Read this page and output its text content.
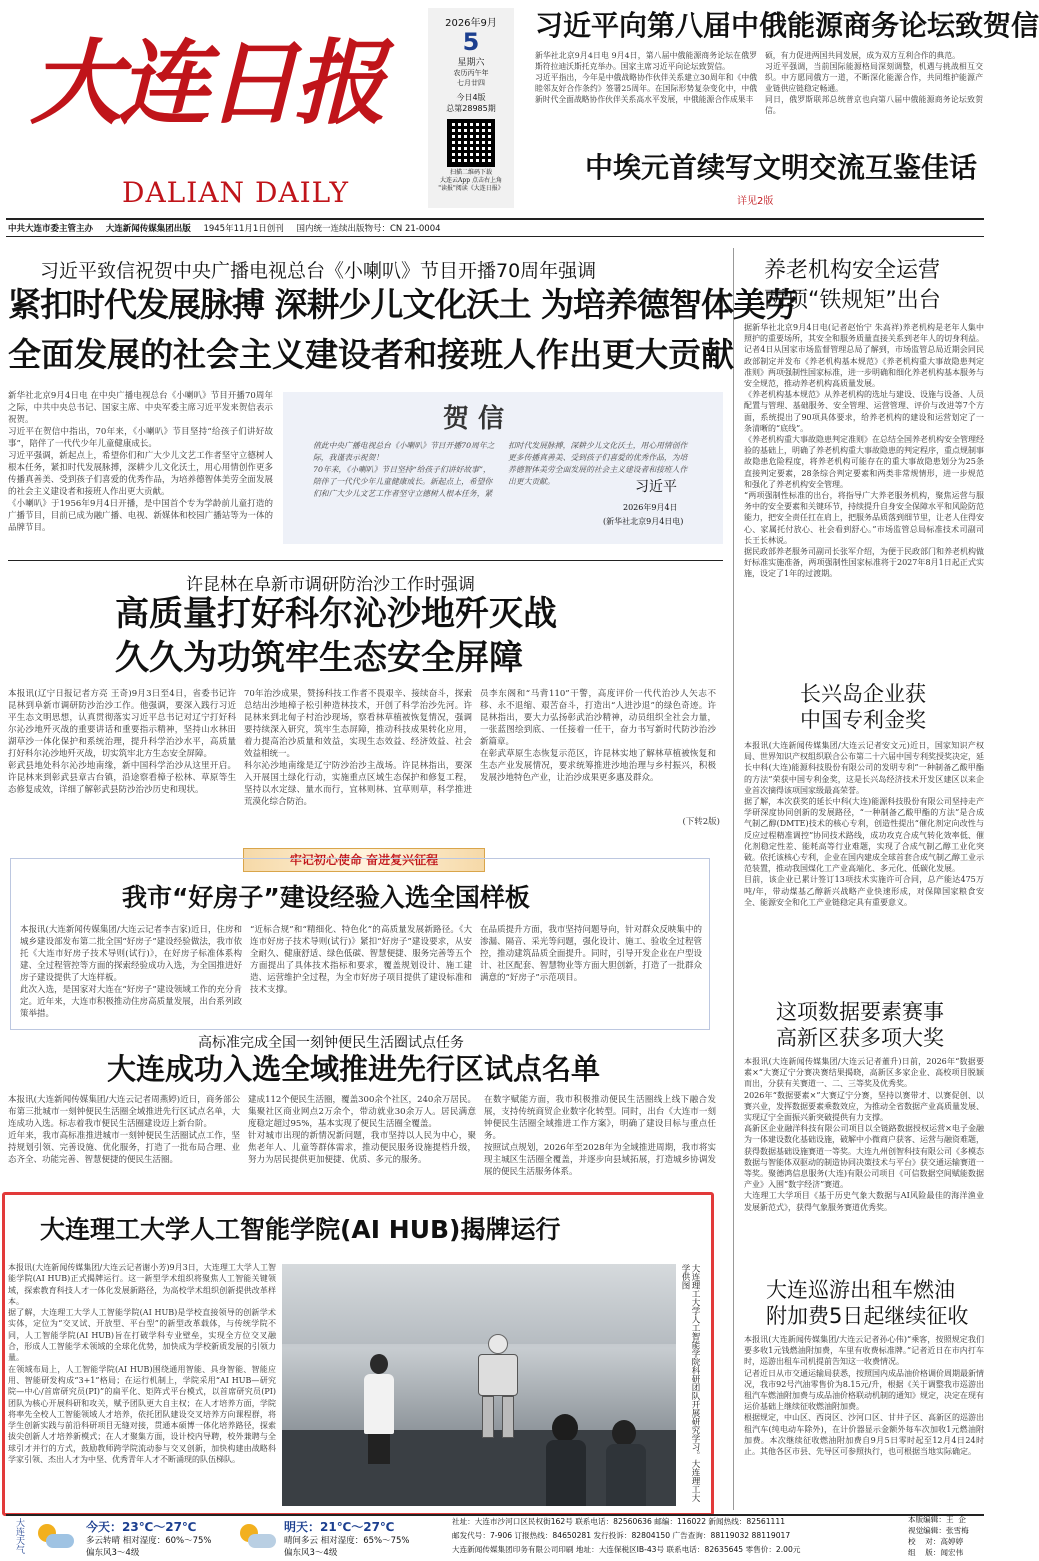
大连日报
DALIAN DAILY
2026年9月
5
星期六
农历丙午年
七月廿四
今日4版
总第28985期
扫描二维码下载
大连云App 点击右上角
"读报"阅读《大连日报》
习近平向第八届中俄能源商务论坛致贺信
新华社北京9月4日电 9月4日，第八届中俄能源商务论坛在俄罗斯符拉迪沃斯托克举办。国家主席习近平向论坛致贺信。
习近平指出，今年是中俄战略协作伙伴关系建立30周年和《中俄睦邻友好合作条约》签署25周年。在国际形势复杂变化中，中俄新时代全面战略协作伙伴关系高水平发展，中俄能源合作成果丰
硕，有力促进两国共同发展，成为双方互利合作的典范。
习近平强调，当前国际能源格局深刻调整，机遇与挑战相互交织。中方愿同俄方一道，不断深化能源合作，共同维护能源产业链供应链稳定畅通。
同日，俄罗斯联邦总统普京也向第八届中俄能源商务论坛致贺信。
中埃元首续写文明交流互鉴佳话
详见2版
中共大连市委主管主办 大连新闻传媒集团出版 1945年11月1日创刊 国内统一连续出版物号：CN 21-0004
习近平致信祝贺中央广播电视总台《小喇叭》节目开播70周年强调
紧扣时代发展脉搏 深耕少儿文化沃土 为培养德智体美劳
全面发展的社会主义建设者和接班人作出更大贡献
新华社北京9月4日电 在中央广播电视总台《小喇叭》节目开播70周年之际，中共中央总书记、国家主席、中央军委主席习近平发来贺信表示祝贺。
习近平在贺信中指出，70年来，《小喇叭》节目坚持“给孩子们讲好故事”，陪伴了一代代少年儿童健康成长。
习近平强调，新起点上，希望你们和广大少儿文艺工作者坚守立德树人根本任务，紧扣时代发展脉搏，深耕少儿文化沃土，用心用情创作更多传播真善美、受到孩子们喜爱的优秀作品，为培养德智体美劳全面发展的社会主义建设者和接班人作出更大贡献。
《小喇叭》于1956年9月4日开播，是中国首个专为学龄前儿童打造的广播节目，目前已成为融广播、电视、新媒体和校园广播站等为一体的品牌节目。
贺 信
值此中央广播电视总台《小喇叭》节目开播70周年之际，我谨表示祝贺！
70年来，《小喇叭》节目坚持“给孩子们讲好故事”，陪伴了一代代少年儿童健康成长。新起点上，希望你们和广大少儿文艺工作者坚守立德树人根本任务，紧扣时代发展脉搏，深耕少儿文化沃土，用心用情创作更多传播真善美、受到孩子们喜爱的优秀作品，为培养德智体美劳全面发展的社会主义建设者和接班人作出更大贡献。	习近平
2026年9月4日
(新华社北京9月4日电)
许昆林在阜新市调研防治沙工作时强调
高质量打好科尔沁沙地歼灭战
久久为功筑牢生态安全屏障
本报讯(辽宁日报记者方亮 王奇)9月3日至4日，省委书记许昆林到阜新市调研防沙治沙工作。他强调，要深入践行习近平生态文明思想，认真贯彻落实习近平总书记对辽宁打好科尔沁沙地歼灭战的重要讲话和重要指示精神，坚持山水林田湖草沙一体化保护和系统治理，提升科学治沙水平，高质量打好科尔沁沙地歼灭战，切实筑牢北方生态安全屏障。
彰武县地处科尔沁沙地南缘，新中国科学治沙从这里开启。许昆林来到彰武县章古台镇，沿途察看樟子松林、草原等生态修复成效，详细了解彰武县防沙治沙历史和现状。
70年治沙成果，赞扬科技工作者不畏艰辛、接续奋斗，探索总结出沙地樟子松引种造林技术，开创了科学治沙先河。许昆林来到北甸子村治沙现场，察看林草植被恢复情况，强调要持续深入研究，筑牢生态屏障，推动科技成果转化应用，着力提高治沙质量和效益，实现生态效益、经济效益、社会效益相统一。
科尔沁沙地南缘是辽宁防沙治沙主战场。许昆林指出，要深入开展国土绿化行动，实施重点区域生态保护和修复工程，坚持以水定绿、量水而行，宜林则林、宜草则草，科学推进荒漠化综合防治。
员李东阁和“马背110”干警，高度评价一代代治沙人矢志不移、永不退缩、艰苦奋斗，打造出“人进沙退”的绿色奇迹。许昆林指出，要大力弘扬彰武治沙精神，动员组织全社会力量，一张蓝图绘到底、一任接着一任干，奋力书写新时代防沙治沙新篇章。
在彰武草原生态恢复示范区，许昆林实地了解林草植被恢复和生态产业发展情况，要求统筹推进沙地治理与乡村振兴，积极发展沙地特色产业，让治沙成果更多惠及群众。
(下转2版)
牢记初心使命 奋进复兴征程
我市“好房子”建设经验入选全国样板
本报讯(大连新闻传媒集团/大连云记者李吉家)近日，住房和城乡建设部发布第二批全国“好房子”建设经验做法，我市依托《大连市好房子技术导则(试行)》，在好房子标准体系构建、全过程管控等方面的探索经验成功入选，为全国推进好房子建设提供了大连样板。
此次入选，是国家对大连在“好房子”建设领域工作的充分肯定。近年来，大连市积极推动住房高质量发展，出台系列政策举措。
“近标合规”和“精细化、特色化”的高质量发展新路径。《大连市好房子技术导则(试行)》紧扣“好房子”建设要求，从安全耐久、健康舒适、绿色低碳、智慧便捷、服务完善等五个方面提出了具体技术指标和要求，覆盖规划设计、施工建造、运营维护全过程，为全市好房子项目提供了建设标准和技术支撑。
在品质提升方面，我市坚持问题导向，针对群众反映集中的渗漏、隔音、采光等问题，强化设计、施工、验收全过程管控，推动建筑品质全面提升。同时，引导开发企业在户型设计、社区配套、智慧物业等方面大胆创新，打造了一批群众满意的“好房子”示范项目。
高标准完成全国一刻钟便民生活圈试点任务
大连成功入选全域推进先行区试点名单
本报讯(大连新闻传媒集团/大连云记者周燕婷)近日，商务部公布第三批城市一刻钟便民生活圈全域推进先行区试点名单，大连成功入选。标志着我市便民生活圈建设迈上新台阶。
近年来，我市高标准推进城市一刻钟便民生活圈试点工作，坚持规划引领、完善设施、优化服务，打造了一批布局合理、业态齐全、功能完善、智慧便捷的便民生活圈。
建成112个便民生活圈，覆盖300余个社区，240余万居民。集聚社区商业网点2万余个，带动就业30余万人。居民满意度稳定超过95%，基本实现了便民生活圈全覆盖。
针对城市出现的新情况新问题，我市坚持以人民为中心，聚焦老年人、儿童等群体需求，推动便民服务设施提档升级，努力为居民提供更加便捷、优质、多元的服务。
在数字赋能方面，我市积极推动便民生活圈线上线下融合发展，支持传统商贸企业数字化转型。同时，出台《大连市一刻钟便民生活圈全域推进工作方案》，明确了建设目标与重点任务。
按照试点规划，2026年至2028年为全域推进周期，我市将实现主城区生活圈全覆盖，并逐步向县域拓展，打造城乡协调发展的便民生活服务体系。
大连理工大学人工智能学院(AI HUB)揭牌运行
本报讯(大连新闻传媒集团/大连云记者谢小芳)9月3日，大连理工大学人工智能学院(AI HUB)正式揭牌运行。这一新型学术组织将聚焦人工智能关键领域，探索教育科技人才一体化发展新路径，为高校学术组织创新提供改革样本。
据了解，大连理工大学人工智能学院(AI HUB)是学校直接领导的创新学术实体，定位为“交叉试、开放型、平台型”的新型改革载体，与传统学院不同，人工智能学院(AI HUB)旨在打破学科专业壁垒，实现全方位交叉融合，形成人工智能学术领域的全球化优势，加快成为学校新质发展的引领力量。
在领域布局上，人工智能学院(AI HUB)围绕通用智能、具身智能、智能应用、智能研发构成“3+1”格局；在运行机制上，学院采用“AI HUB—研究院—中心/首席研究员(PI)”的扁平化、矩阵式平台模式，以首席研究员(PI)团队为核心开展科研和攻关，赋予团队更大自主权；在人才培养方面，学院将率先全校人工智能领域人才培养，依托团队建设交叉培养方向课程群，将学生创新实践与前沿科研项目无缝对接，贯通本硕博一体化培养路径，探索拔尖创新人才培养新模式；在人才聚集方面，设计校内导聘，校外兼聘与全球引才并行的方式，鼓励教师跨学院流动参与交叉创新，加快构建由战略科学家引领、杰出人才为中坚、优秀青年人才不断涌现的队伍梯队。	大连理工大学人工智能学院科研团队开展研究学习。大连理工大学供图
养老机构安全运营
两项“铁规矩”出台
据新华社北京9月4日电(记者赵怡宁 朱高祥)养老机构是老年人集中照护的重要场所，其安全和服务质量直接关系到老年人的切身利益。记者4日从国家市场监督管理总局了解到，市场监管总局近期会同民政部制定并发布《养老机构基本规范》《养老机构重大事故隐患判定准则》两项强制性国家标准，进一步明确和细化养老机构基本服务与安全规范，推动养老机构高质量发展。
《养老机构基本规范》从养老机构的选址与建设、设施与设备、人员配置与管理、基础服务、安全管理、运营管理、评价与改进等7个方面，系统提出了90项具体要求，给养老机构的建设和运营划定了一条清晰的“底线”。
《养老机构重大事故隐患判定准则》在总结全国养老机构安全管理经验的基础上，明确了养老机构重大事故隐患的判定程序，重点规制事故隐患危险程度，将养老机构可能存在的重大事故隐患划分为25条直接判定要素，28条综合判定要素和两类非常规情形，进一步规范和强化了养老机构安全管理。
“两项强制性标准的出台，将指导广大养老服务机构，聚焦运营与服务中的安全要素和关键环节，持续提升自身安全保障水平和风险防范能力，把安全责任扛在肩上，把服务品质落到细节里，让老人住得安心、家属托付放心、社会看到舒心。”市场监管总局标准技术司副司长王长林说。
据民政部养老服务司副司长张军介绍，为便于民政部门和养老机构做好标准实施准备，两项强制性国家标准将于2027年8月1日起正式实施，设定了1年的过渡期。
长兴岛企业获
中国专利金奖
本报讯(大连新闻传媒集团/大连云记者安文元)近日，国家知识产权局、世界知识产权组织联合公布第二十六届中国专利奖授奖决定，延长中科(大连)能源科技股份有限公司的发明专利“一种制备乙酸甲酯的方法”荣获中国专利金奖，这是长兴岛经济技术开发区建区以来企业首次摘得该项国家级最高荣誉。
据了解，本次获奖的延长中科(大连)能源科技股份有限公司坚持走产学研深度协同创新的发展路径，“一种制备乙酸甲酯的方法”是合成气制乙醇(DMTE)技术的核心专利，创造性提出“催化剂定向改性与反应过程精准调控”协同技术路线，成功攻克合成气转化效率低、催化剂稳定性差、能耗高等行业难题，实现了合成气制乙醇工业化突破。依托该核心专利，企业在国内建成全球首套合成气制乙醇工业示范装置，推动我国煤化工产业高端化、多元化、低碳化发展。
目前，该企业已累计签订13项技术实施许可合同，总产能达475万吨/年，带动煤基乙醇新兴战略产业快速形成，对保障国家粮食安全、能源安全和化工产业链稳定具有重要意义。
这项数据要素赛事
高新区获多项大奖
本报讯(大连新闻传媒集团/大连云记者董升)日前，2026年“数据要素×”大赛辽宁分赛决赛结果揭晓，高新区多家企业、高校项目脱颖而出，分获有关赛道一、二、三等奖及优秀奖。
2026年“数据要素×”大赛辽宁分赛，坚持以赛带才、以赛促创、以赛兴业，发挥数据要素乘数效应，为推动全省数据产业高质量发展、实现辽宁全面振兴新突破提供有力支撑。
高新区企业融洋科技有限公司项目以全链路数据授权运营×电子金融为一体建设数化基础设施，破解中小微商户获客、运营与融资难题，获得数据基础设施赛道一等奖。大连九州创智科技有限公司《多模态数据与智能体双驱动的制造协同决策技术与平台》获交通运输赛道一等奖。聚德鸿信息服务(大连)有限公司项目《可信数据空间赋能数据产业》入围“数字经济”赛道。
大连理工大学项目《基于历史气象大数据与AI风险最佳的海洋渔业发展新范式》，获得气象服务赛道优秀奖。
大连巡游出租车燃油
附加费5日起继续征收
本报讯(大连新闻传媒集团/大连云记者孙心伟)“乘客，按照规定我们要多收1元钱燃油附加费，车里有收费标准牌。”记者近日在市内打车时，巡游出租车司机提前告知这一收费情况。
记者近日从市交通运输局获悉，按照国内成品油价格调价周期最新情况，我市92号汽油零售价为8.15元/升，根据《关于调整我市巡游出租汽车燃油附加费与成品油价格联动机制的通知》规定，决定在现有运价基础上继续征收燃油附加费。
根据规定，中山区、西岗区、沙河口区、甘井子区、高新区的巡游出租汽车(纯电动车除外)，在计价器显示金额外每车次加收1元燃油附加费。本次继续征收燃油附加费自9月5日零时起至12月4日24时止。其他各区市县、先导区可参照执行，也可根据当地实际确定。
大连天气	今天：23℃～27℃
多云转晴 相对湿度：60%～75%
偏东风3～4级
明天：21℃～27℃
晴间多云 相对湿度：65%～75%
偏东风3～4级
社址：大连市沙河口区民权街162号 联系电话：82560636 邮编：116022 新闻热线：82561111
邮发代号：7-906 订报热线：84650281 发行投诉：82804150 广告查询：88119032 88119017
大连新闻传媒集团印务有限公司印刷 地址：大连保税区IB-43号 联系电话：82635645 零售价：2.00元
本版编辑：王  企
视觉编辑：张雪梅
校    对：高婷婷
组    版：闻宏伟
